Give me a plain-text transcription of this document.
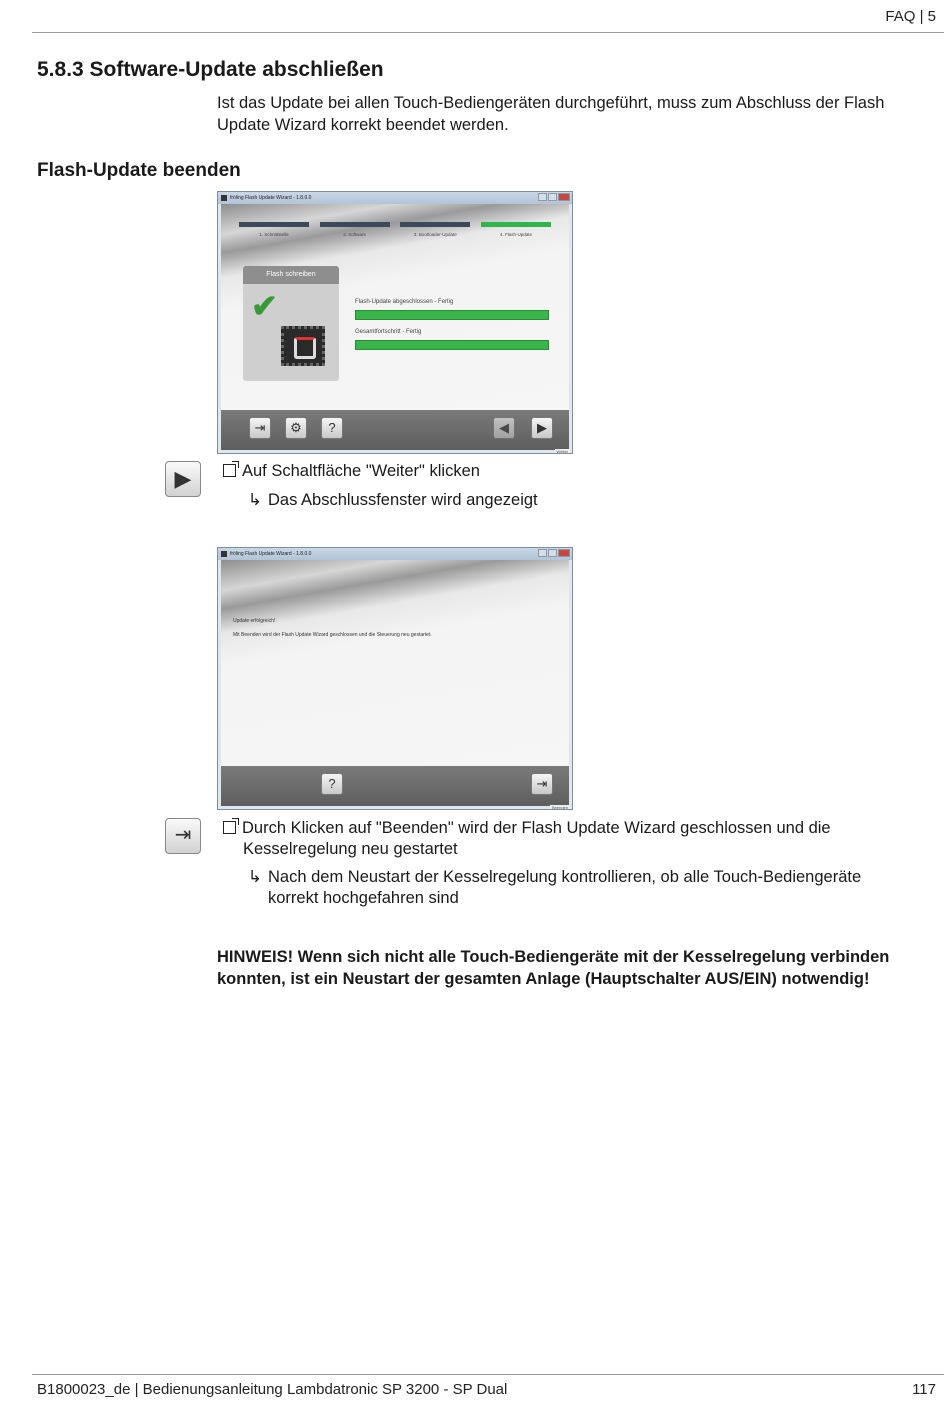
FAQ | 5
5.8.3 Software-Update abschließen
Ist das Update bei allen Touch-Bediengeräten durchgeführt, muss zum Abschluss der Flash Update Wizard korrekt beendet werden.
Flash-Update beenden
fröling Flash Update Wizard - 1.8.0.0
1. Schnittstelle	2. Software	3. Bootloader-Update	4. Flash-Update
Flash schreiben
✔	Flash-Update abgeschlossen - Fertig
Gesamtfortschritt - Fertig
⇥	⚙	?	◀	▶
Weiter
▶	Auf Schaltfläche "Weiter" klicken
↳ Das Abschlussfenster wird angezeigt
fröling Flash Update Wizard - 1.8.0.0
Update erfolgreich!
Mit Beenden wird der Flash Update Wizard geschlossen und die Steuerung neu gestartet.
?	⇥
Beenden
⇥	Durch Klicken auf "Beenden" wird der Flash Update Wizard geschlossen und die
Kesselregelung neu gestartet
↳ Nach dem Neustart der Kesselregelung kontrollieren, ob alle Touch-Bediengeräte
korrekt hochgefahren sind
HINWEIS! Wenn sich nicht alle Touch-Bediengeräte mit der Kesselregelung verbinden konnten, ist ein Neustart der gesamten Anlage (Hauptschalter AUS/EIN) notwendig!
B1800023_de | Bedienungsanleitung Lambdatronic SP 3200 - SP Dual	117
